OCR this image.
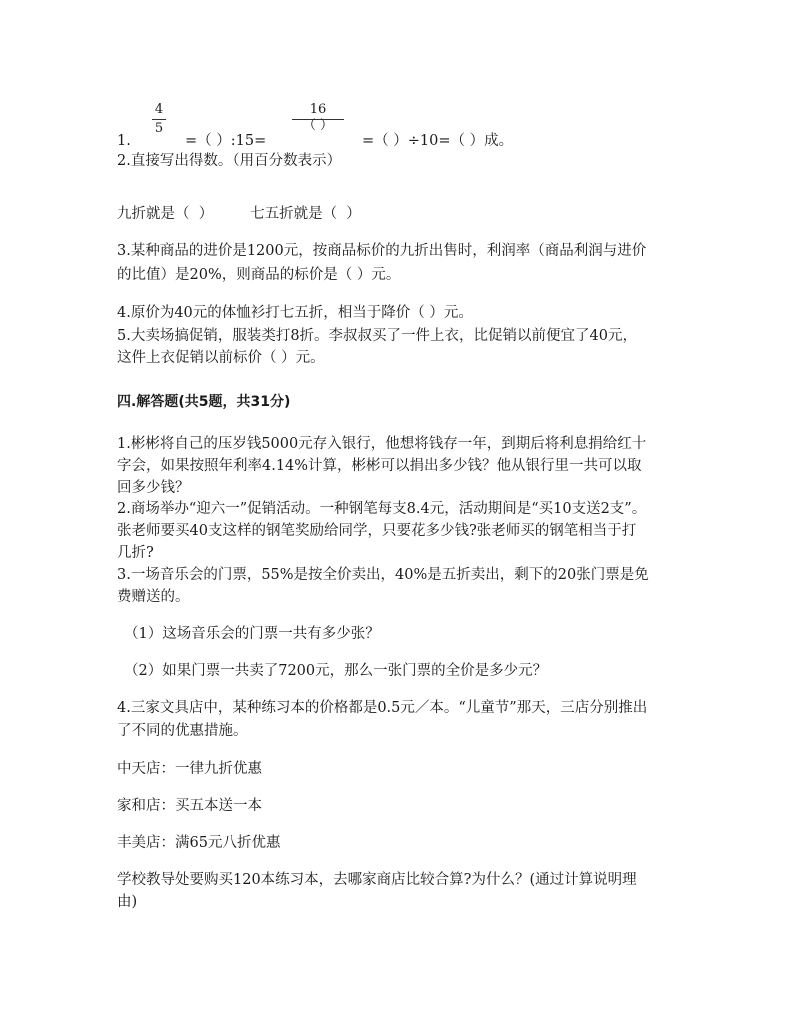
4
5
16
（ ）
1.	=（ ）:15=	=（ ）÷10=（ ）成。
2.直接写出得数。（用百分数表示）
九折就是（  ）        七五折就是（  ）
3.某种商品的进价是1200元，按商品标价的九折出售时，利润率（商品利润与进价
的比值）是20%，则商品的标价是（ ）元。
4.原价为40元的体恤衫打七五折，相当于降价（ ）元。
5.大卖场搞促销，服装类打8折。李叔叔买了一件上衣，比促销以前便宜了40元，
这件上衣促销以前标价（ ）元。
四.解答题(共5题，共31分)
1.彬彬将自己的压岁钱5000元存入银行，他想将钱存一年，到期后将利息捐给红十
字会，如果按照年利率4.14%计算，彬彬可以捐出多少钱？他从银行里一共可以取
回多少钱？
2.商场举办“迎六一”促销活动。一种钢笔每支8.4元，活动期间是“买10支送2支”。
张老师要买40支这样的钢笔奖励给同学，只要花多少钱?张老师买的钢笔相当于打
几折?
3.一场音乐会的门票，55%是按全价卖出，40%是五折卖出，剩下的20张门票是免
费赠送的。
（1）这场音乐会的门票一共有多少张？
（2）如果门票一共卖了7200元，那么一张门票的全价是多少元？
4.三家文具店中，某种练习本的价格都是0.5元／本。“儿童节”那天，三店分别推出
了不同的优惠措施。
中天店：一律九折优惠
家和店：买五本送一本
丰美店：满65元八折优惠
学校教导处要购买120本练习本，去哪家商店比较合算?为什么？(通过计算说明理
由)
